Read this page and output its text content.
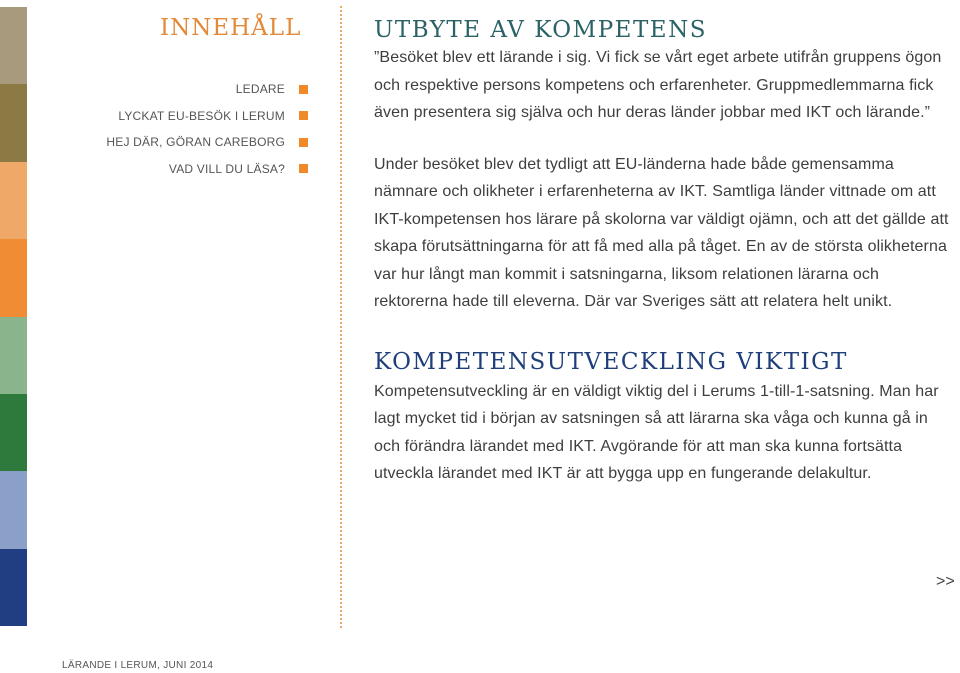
INNEHÅLL
LEDARE
LYCKAT EU-BESÖK I LERUM
HEJ DÄR, GÖRAN CAREBORG
VAD VILL DU LÄSA?
UTBYTE AV KOMPETENS

”Besöket blev ett lärande i sig. Vi fick se vårt eget arbete utifrån gruppens ögon och respektive persons kompetens och erfarenheter. Gruppmedlemmarna fick även presentera sig själva och hur deras länder jobbar med IKT och lärande.”

Under besöket blev det tydligt att EU-länderna hade både gemensamma nämnare och olikheter i erfarenheterna av IKT. Samtliga länder vittnade om att IKT-kompetensen hos lärare på skolorna var väldigt ojämn, och att det gällde att skapa förutsättningarna för att få med alla på tåget. En av de största olikheterna var hur långt man kommit i satsningarna, liksom relationen lärarna och rektorerna hade till eleverna. Där var Sveriges sätt att relatera helt unikt.

KOMPETENSUTVECKLING VIKTIGT

Kompetensutveckling är en väldigt viktig del i Lerums 1-till-1-satsning. Man har lagt mycket tid i början av satsningen så att lärarna ska våga och kunna gå in och förändra lärandet med IKT. Avgörande för att man ska kunna fortsätta utveckla lärandet med IKT är att bygga upp en fungerande delakultur.

>>
LÄRANDE I LERUM, JUNI 2014
